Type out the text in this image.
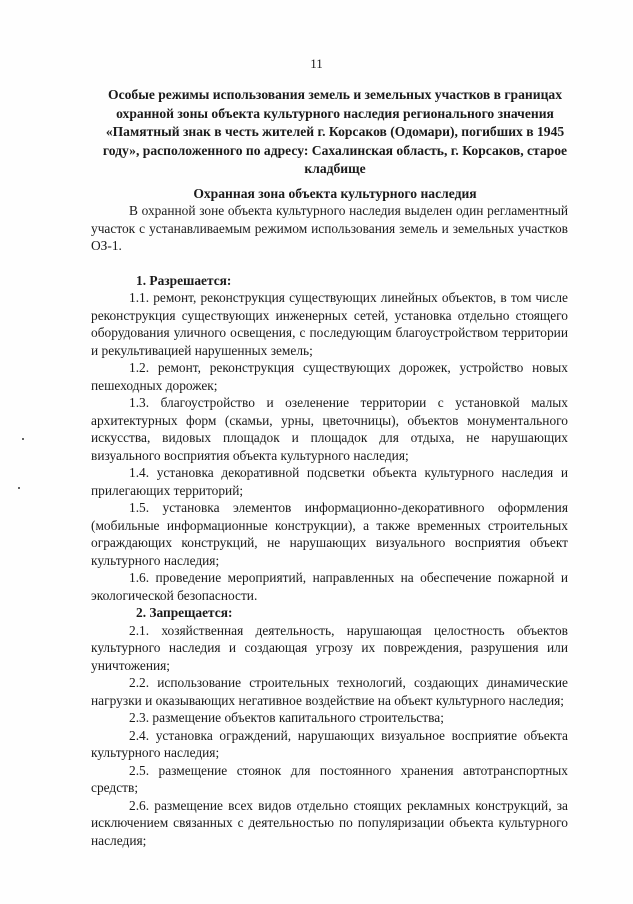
11
Особые режимы использования земель и земельных участков в границах охранной зоны объекта культурного наследия регионального значения «Памятный знак в честь жителей г. Корсаков (Одомари), погибших в 1945 году», расположенного по адресу: Сахалинская область, г. Корсаков, старое кладбище
Охранная зона объекта культурного наследия

В охранной зоне объекта культурного наследия выделен один регламентный участок с устанавливаемым режимом использования земель и земельных участков ОЗ-1.

1. Разрешается:

1.1. ремонт, реконструкция существующих линейных объектов, в том числе реконструкция существующих инженерных сетей, установка отдельно стоящего оборудования уличного освещения, с последующим благоустройством территории и рекультивацией нарушенных земель;

1.2. ремонт, реконструкция существующих дорожек, устройство новых пешеходных дорожек;

1.3. благоустройство и озеленение территории с установкой малых архитектурных форм (скамьи, урны, цветочницы), объектов монументального искусства, видовых площадок и площадок для отдыха, не нарушающих визуального восприятия объекта культурного наследия;

1.4. установка декоративной подсветки объекта культурного наследия и прилегающих территорий;

1.5. установка элементов информационно-декоративного оформления (мобильные информационные конструкции), а также временных строительных ограждающих конструкций, не нарушающих визуального восприятия объект культурного наследия;

1.6. проведение мероприятий, направленных на обеспечение пожарной и экологической безопасности.

2. Запрещается:

2.1. хозяйственная деятельность, нарушающая целостность объектов культурного наследия и создающая угрозу их повреждения, разрушения или уничтожения;

2.2. использование строительных технологий, создающих динамические нагрузки и оказывающих негативное воздействие на объект культурного наследия;

2.3. размещение объектов капитального строительства;

2.4. установка ограждений, нарушающих визуальное восприятие объекта культурного наследия;

2.5. размещение стоянок для постоянного хранения автотранспортных средств;

2.6. размещение всех видов отдельно стоящих рекламных конструкций, за исключением связанных с деятельностью по популяризации объекта культурного наследия;
